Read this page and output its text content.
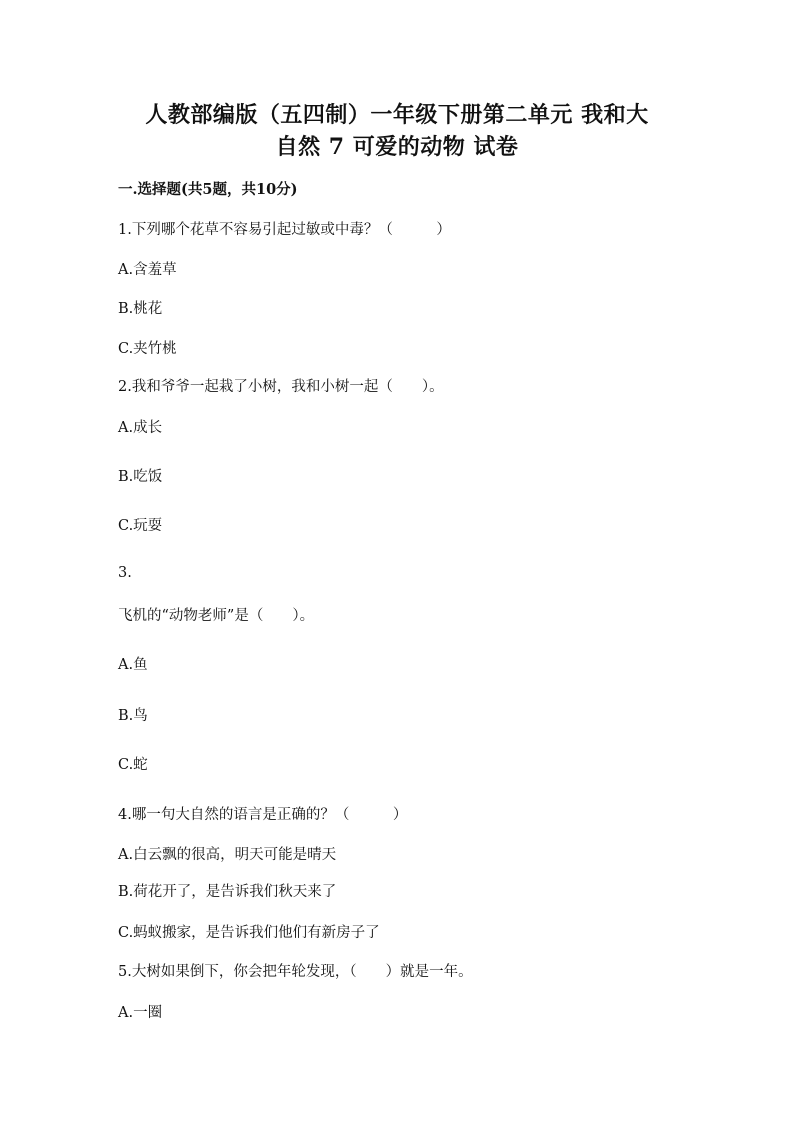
人教部编版（五四制）一年级下册第二单元 我和大
自然 7 可爱的动物 试卷
一.选择题(共5题，共10分)
1.下列哪个花草不容易引起过敏或中毒？（　　　）
A.含羞草
B.桃花
C.夹竹桃
2.我和爷爷一起栽了小树，我和小树一起（　　）。
A.成长
B.吃饭
C.玩耍
3.
飞机的“动物老师”是（　　）。
A.鱼
B.鸟
C.蛇
4.哪一句大自然的语言是正确的？（　　　）
A.白云飘的很高，明天可能是晴天
B.荷花开了，是告诉我们秋天来了
C.蚂蚁搬家，是告诉我们他们有新房子了
5.大树如果倒下，你会把年轮发现，（　　）就是一年。
A.一圈
